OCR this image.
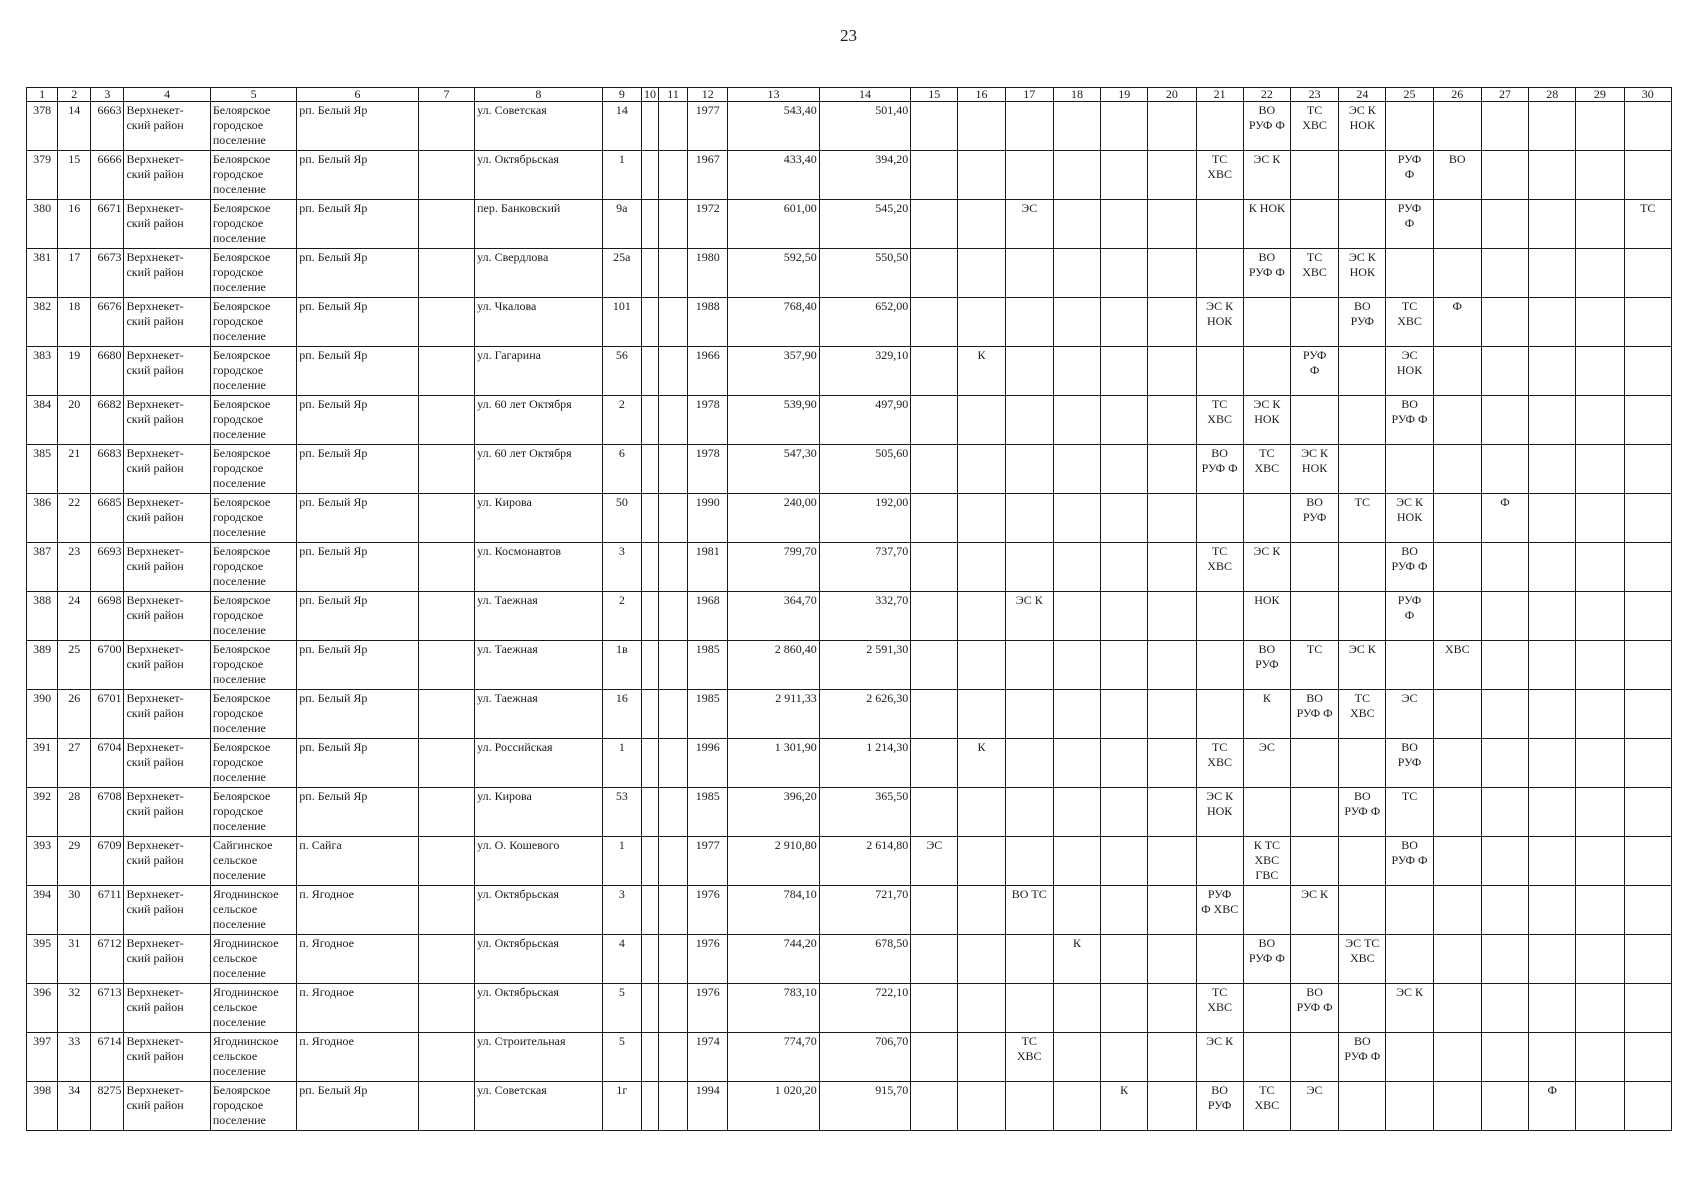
23
1	2	3	4	5	6	7	8	9	10	11	12	13	14	15	16	17	18	19	20	21	22	23	24	25	26	27	28	29	30
378	14	6663	Верхнекет-
ский район	Белоярское
городское
поселение	рп. Белый Яр		ул. Советская	14			1977	543,40	501,40								ВО
РУФ Ф	ТС
ХВС	ЭС К
НОК						
379	15	6666	Верхнекет-
ский район	Белоярское
городское
поселение	рп. Белый Яр		ул. Октябрьская	1			1967	433,40	394,20							ТС
ХВС	ЭС К			РУФ
Ф	ВО				
380	16	6671	Верхнекет-
ский район	Белоярское
городское
поселение	рп. Белый Яр		пер. Банковский	9а			1972	601,00	545,20			ЭС					К НОК			РУФ
Ф					ТС
381	17	6673	Верхнекет-
ский район	Белоярское
городское
поселение	рп. Белый Яр		ул. Свердлова	25а			1980	592,50	550,50								ВО
РУФ Ф	ТС
ХВС	ЭС К
НОК						
382	18	6676	Верхнекет-
ский район	Белоярское
городское
поселение	рп. Белый Яр		ул. Чкалова	101			1988	768,40	652,00							ЭС К
НОК			ВО
РУФ	ТС
ХВС	Ф				
383	19	6680	Верхнекет-
ский район	Белоярское
городское
поселение	рп. Белый Яр		ул. Гагарина	56			1966	357,90	329,10		К							РУФ
Ф		ЭС
НОК					
384	20	6682	Верхнекет-
ский район	Белоярское
городское
поселение	рп. Белый Яр		ул. 60 лет Октября	2			1978	539,90	497,90							ТС
ХВС	ЭС К
НОК			ВО
РУФ Ф					
385	21	6683	Верхнекет-
ский район	Белоярское
городское
поселение	рп. Белый Яр		ул. 60 лет Октября	6			1978	547,30	505,60							ВО
РУФ Ф	ТС
ХВС	ЭС К
НОК							
386	22	6685	Верхнекет-
ский район	Белоярское
городское
поселение	рп. Белый Яр		ул. Кирова	50			1990	240,00	192,00									ВО
РУФ	ТС	ЭС К
НОК		Ф			
387	23	6693	Верхнекет-
ский район	Белоярское
городское
поселение	рп. Белый Яр		ул. Космонавтов	3			1981	799,70	737,70							ТС
ХВС	ЭС К			ВО
РУФ Ф					
388	24	6698	Верхнекет-
ский район	Белоярское
городское
поселение	рп. Белый Яр		ул. Таежная	2			1968	364,70	332,70			ЭС К					НОК			РУФ
Ф					
389	25	6700	Верхнекет-
ский район	Белоярское
городское
поселение	рп. Белый Яр		ул. Таежная	1в			1985	2 860,40	2 591,30								ВО
РУФ	ТС	ЭС К		ХВС				
390	26	6701	Верхнекет-
ский район	Белоярское
городское
поселение	рп. Белый Яр		ул. Таежная	16			1985	2 911,33	2 626,30								К	ВО
РУФ Ф	ТС
ХВС	ЭС					
391	27	6704	Верхнекет-
ский район	Белоярское
городское
поселение	рп. Белый Яр		ул. Российская	1			1996	1 301,90	1 214,30		К					ТС
ХВС	ЭС			ВО
РУФ					
392	28	6708	Верхнекет-
ский район	Белоярское
городское
поселение	рп. Белый Яр		ул. Кирова	53			1985	396,20	365,50							ЭС К
НОК			ВО
РУФ Ф	ТС					
393	29	6709	Верхнекет-
ский район	Сайгинское
сельское
поселение	п. Сайга		ул. О. Кошевого	1			1977	2 910,80	2 614,80	ЭС							К ТС
ХВС
ГВС			ВО
РУФ Ф					
394	30	6711	Верхнекет-
ский район	Ягоднинское
сельское
поселение	п. Ягодное		ул. Октябрьская	3			1976	784,10	721,70			ВО ТС				РУФ
Ф ХВС		ЭС К							
395	31	6712	Верхнекет-
ский район	Ягоднинское
сельское
поселение	п. Ягодное		ул. Октябрьская	4			1976	744,20	678,50				К				ВО
РУФ Ф		ЭС ТС
ХВС						
396	32	6713	Верхнекет-
ский район	Ягоднинское
сельское
поселение	п. Ягодное		ул. Октябрьская	5			1976	783,10	722,10							ТС
ХВС		ВО
РУФ Ф		ЭС К					
397	33	6714	Верхнекет-
ский район	Ягоднинское
сельское
поселение	п. Ягодное		ул. Строительная	5			1974	774,70	706,70			ТС
ХВС				ЭС К			ВО
РУФ Ф						
398	34	8275	Верхнекет-
ский район	Белоярское
городское
поселение	рп. Белый Яр		ул. Советская	1г			1994	1 020,20	915,70					К		ВО
РУФ	ТС
ХВС	ЭС					Ф		
